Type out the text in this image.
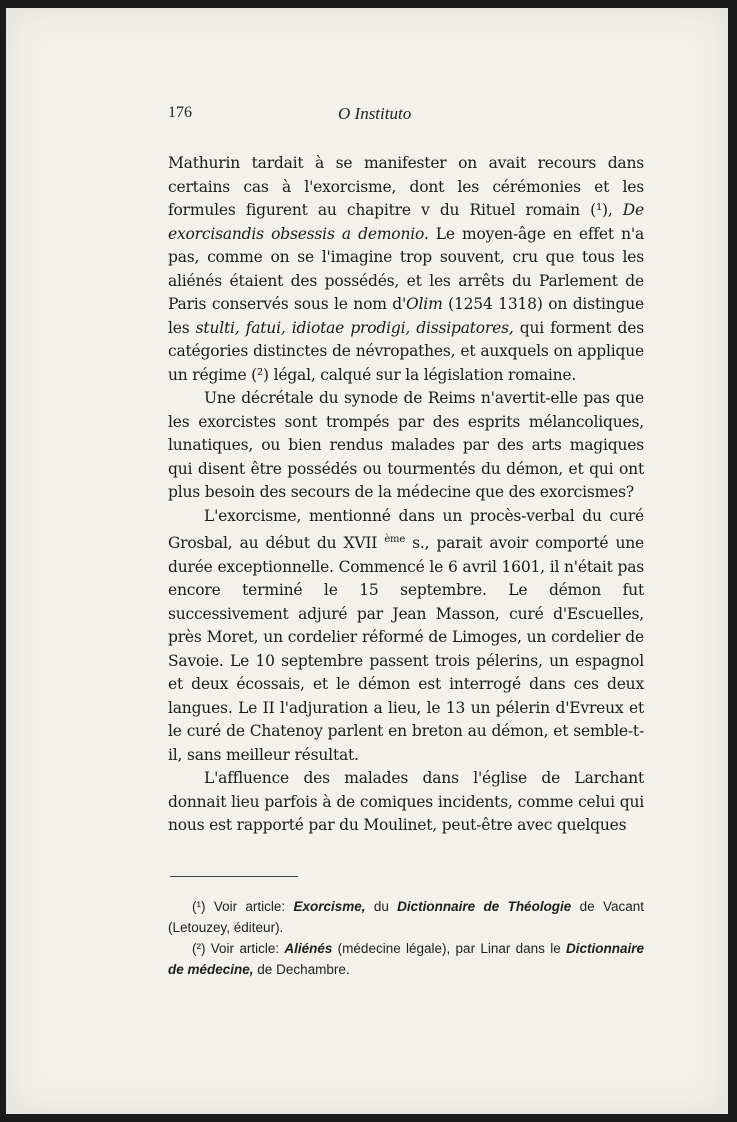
176	O Instituto

Mathurin tardait à se manifester on avait recours dans certains cas à l'exorcisme, dont les cérémonies et les formules figurent au chapitre v du Rituel romain (¹), De exorcisandis obsessis a demonio. Le moyen-âge en effet n'a pas, comme on se l'imagine trop souvent, cru que tous les aliénés étaient des possédés, et les arrêts du Parlement de Paris conservés sous le nom d'Olim (1254 1318) on distingue les stulti, fatui, idiotae prodigi, dissipatores, qui forment des catégories distinctes de névropathes, et auxquels on applique un régime (²) légal, calqué sur la législation romaine.

Une décrétale du synode de Reims n'avertit-elle pas que les exorcistes sont trompés par des esprits mélancoliques, lunatiques, ou bien rendus malades par des arts magiques qui disent être possédés ou tourmentés du démon, et qui ont plus besoin des secours de la médecine que des exorcismes?

L'exorcisme, mentionné dans un procès-verbal du curé Grosbal, au début du XVII $^{ème}$ s., parait avoir comporté une durée exceptionnelle. Commencé le 6 avril 1601, il n'était pas encore terminé le 15 septembre. Le démon fut successivement adjuré par Jean Masson, curé d'Escuelles, près Moret, un cordelier réformé de Limoges, un cordelier de Savoie. Le 10 septembre passent trois pélerins, un espagnol et deux écossais, et le démon est interrogé dans ces deux langues. Le II l'adjuration a lieu, le 13 un pélerin d'Evreux et le curé de Chatenoy parlent en breton au démon, et semble-t-il, sans meilleur résultat.

L'affluence des malades dans l'église de Larchant donnait lieu parfois à de comiques incidents, comme celui qui nous est rapporté par du Moulinet, peut-être avec quelques

(¹) Voir article: Exorcisme, du Dictionnaire de Théologie de Vacant (Letouzey, éditeur).

(²) Voir article: Aliénés (médecine légale), par Linar dans le Dictionnaire de médecine, de Dechambre.
